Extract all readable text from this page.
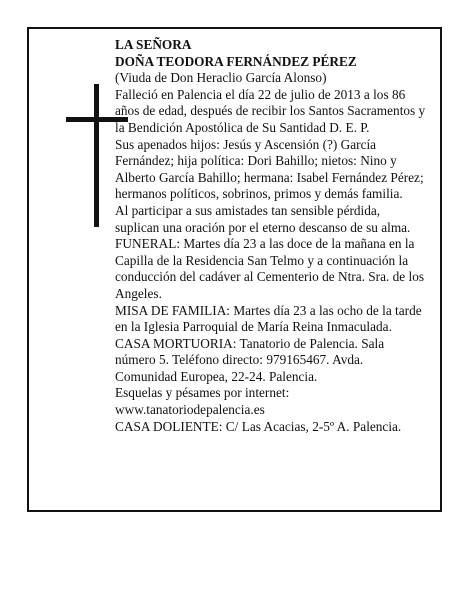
LA SEÑORA

DOÑA TEODORA FERNÁNDEZ PÉREZ

(Viuda de Don Heraclio García Alonso)

Falleció en Palencia el día 22 de julio de 2013 a los 86 años de edad, después de recibir los Santos Sacramentos y la Bendición Apostólica de Su Santidad D. E. P.

Sus apenados hijos: Jesús y Ascensión (?) García Fernández; hija política: Dori Bahillo; nietos: Nino y Alberto García Bahillo; hermana: Isabel Fernández Pérez; hermanos políticos, sobrinos, primos y demás familia.

Al participar a sus amistades tan sensible pérdida, suplican una oración por el eterno descanso de su alma.

FUNERAL: Martes día 23 a las doce de la mañana en la Capilla de la Residencia San Telmo y a continuación la conducción del cadáver al Cementerio de Ntra. Sra. de los Angeles.

MISA DE FAMILIA: Martes día 23 a las ocho de la tarde en la Iglesia Parroquial de María Reina Inmaculada.

CASA MORTUORIA: Tanatorio de Palencia. Sala número 5. Teléfono directo: 979165467. Avda. Comunidad Europea, 22-24. Palencia.

Esquelas y pésames por internet:

www.tanatoriodepalencia.es

CASA DOLIENTE: C/ Las Acacias, 2-5º A. Palencia.
